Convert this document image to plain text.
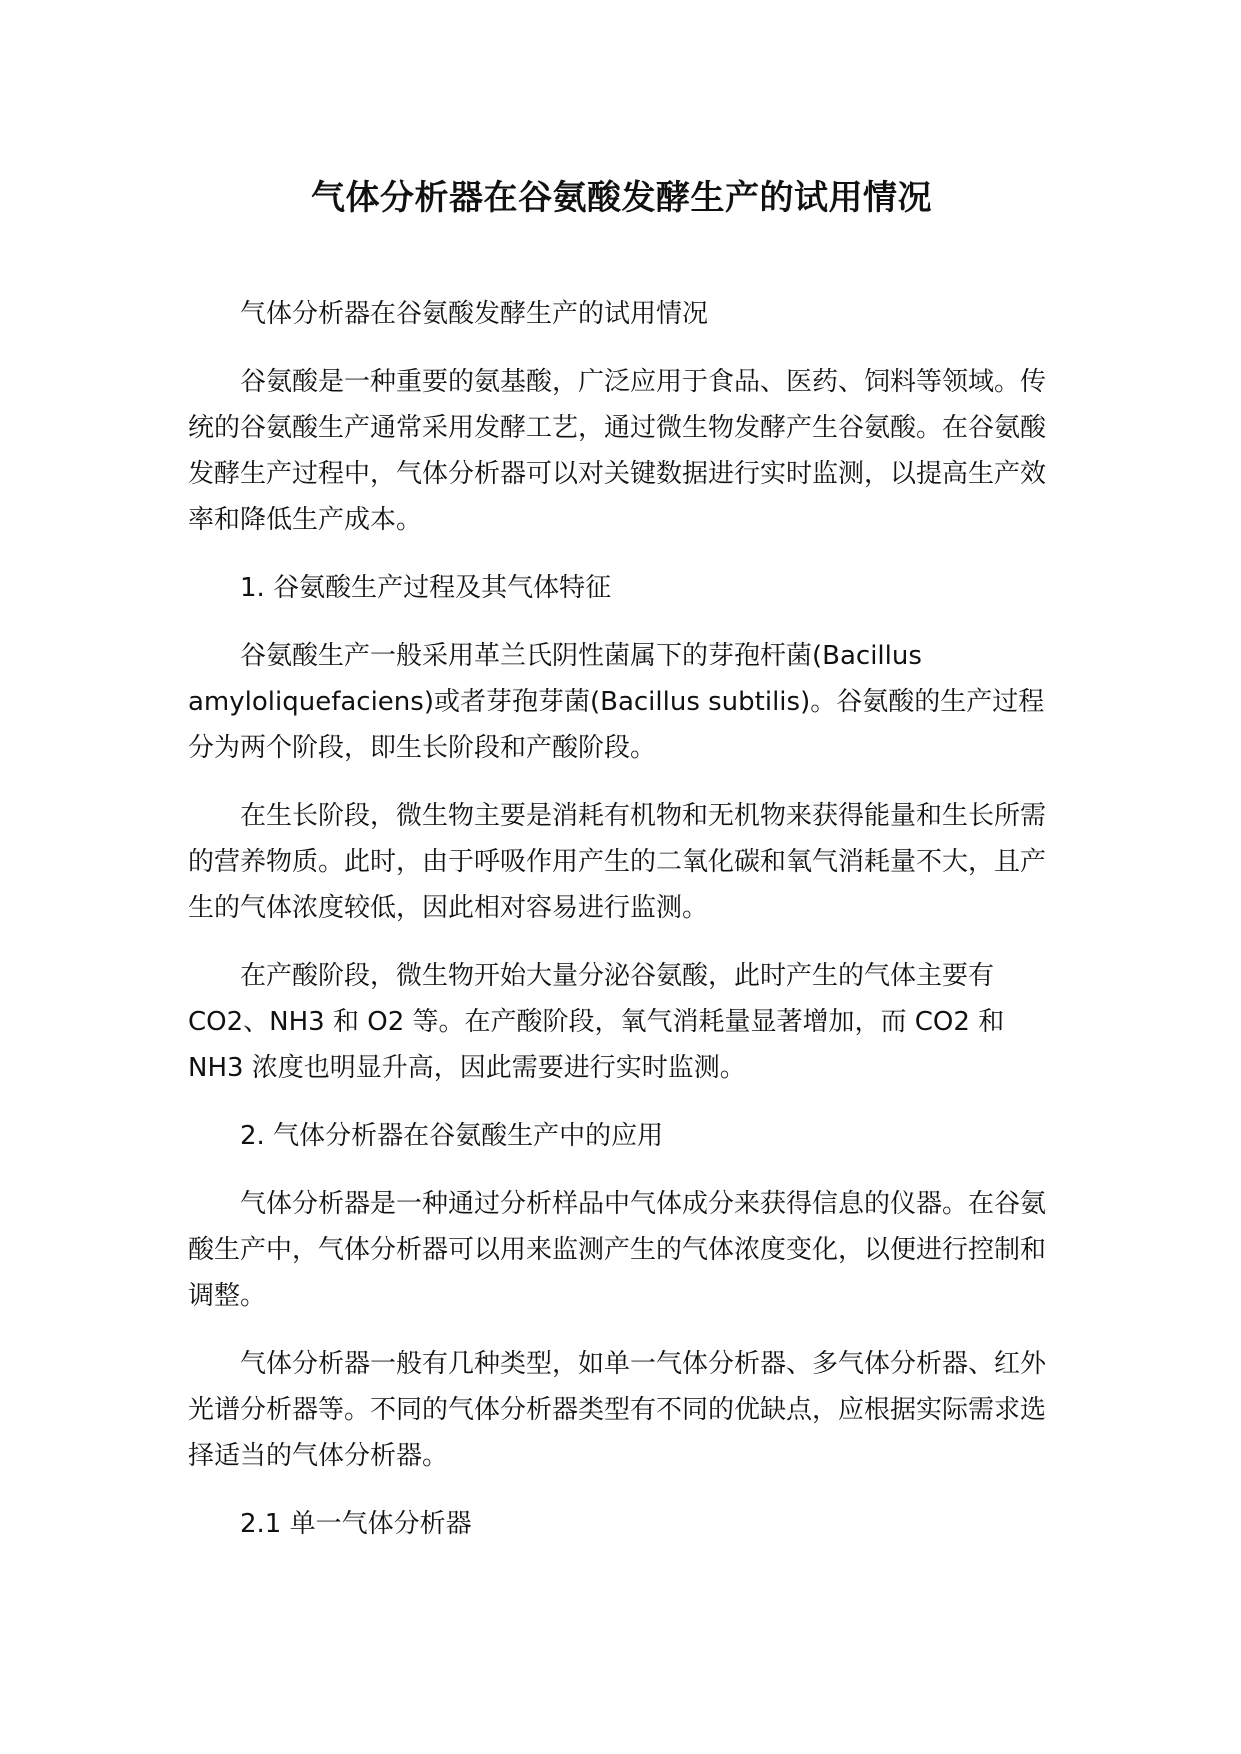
气体分析器在谷氨酸发酵生产的试用情况

气体分析器在谷氨酸发酵生产的试用情况

谷氨酸是一种重要的氨基酸，广泛应用于食品、医药、饲料等领域。传统的谷氨酸生产通常采用发酵工艺，通过微生物发酵产生谷氨酸。在谷氨酸发酵生产过程中，气体分析器可以对关键数据进行实时监测，以提高生产效率和降低生产成本。

1. 谷氨酸生产过程及其气体特征

谷氨酸生产一般采用革兰氏阴性菌属下的芽孢杆菌(Bacillus amyloliquefaciens)或者芽孢芽菌(Bacillus subtilis)。谷氨酸的生产过程分为两个阶段，即生长阶段和产酸阶段。

在生长阶段，微生物主要是消耗有机物和无机物来获得能量和生长所需的营养物质。此时，由于呼吸作用产生的二氧化碳和氧气消耗量不大，且产生的气体浓度较低，因此相对容易进行监测。

在产酸阶段，微生物开始大量分泌谷氨酸，此时产生的气体主要有 CO2、NH3 和 O2 等。在产酸阶段，氧气消耗量显著增加，而 CO2 和 NH3 浓度也明显升高，因此需要进行实时监测。

2. 气体分析器在谷氨酸生产中的应用

气体分析器是一种通过分析样品中气体成分来获得信息的仪器。在谷氨酸生产中，气体分析器可以用来监测产生的气体浓度变化，以便进行控制和调整。

气体分析器一般有几种类型，如单一气体分析器、多气体分析器、红外光谱分析器等。不同的气体分析器类型有不同的优缺点，应根据实际需求选择适当的气体分析器。

2.1 单一气体分析器
